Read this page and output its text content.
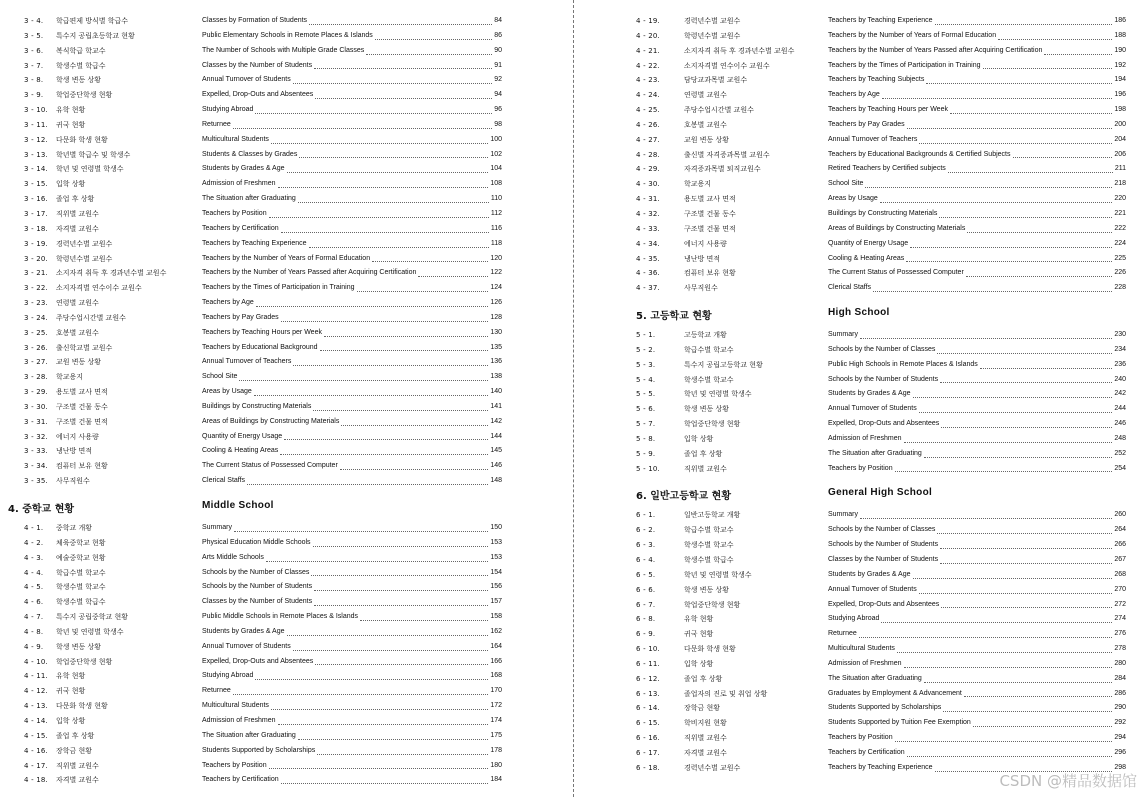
3 - 4. 학급편제 방식별 학급수	Classes by Formation of Students	84
3 - 5. 특수지 공립초등학교 현황	Public Elementary Schools in Remote Places & Islands	86
3 - 6. 복식학급 학교수	The Number of Schools with Multiple Grade Classes	90
3 - 7. 학생수별 학급수	Classes by the Number of Students	91
3 - 8. 학생 변동 상황	Annual Turnover of Students	92
3 - 9. 학업중단학생 현황	Expelled, Drop-Outs and Absentees	94
3 - 10. 유학 현황	Studying Abroad	96
3 - 11. 귀국 현황	Returnee	98
3 - 12. 다문화 학생 현황	Multicultural Students	100
3 - 13. 학년별 학급수 및 학생수	Students & Classes by Grades	102
3 - 14. 학년 및 연령별 학생수	Students by Grades & Age	104
3 - 15. 입학 상황	Admission of Freshmen	108
3 - 16. 졸업 후 상황	The Situation after Graduating	110
3 - 17. 직위별 교원수	Teachers by Position	112
3 - 18. 자격별 교원수	Teachers by Certification	116
3 - 19. 경력년수별 교원수	Teachers by Teaching Experience	118
3 - 20. 학령년수별 교원수	Teachers by the Number of Years of Formal Education	120
3 - 21. 소지자격 취득 후 경과년수별 교원수	Teachers by the Number of Years Passed after Acquiring Certification	122
3 - 22. 소지자격별 연수이수 교원수	Teachers by the Times of Participation in Training	124
3 - 23. 연령별 교원수	Teachers by Age	126
3 - 24. 주당수업시간별 교원수	Teachers by Pay Grades	128
3 - 25. 호봉별 교원수	Teachers by Teaching Hours per Week	130
3 - 26. 출신학교별 교원수	Teachers by Educational Background	135
3 - 27. 교원 변동 상황	Annual Turnover of Teachers	136
3 - 28. 학교용지	School Site	138
3 - 29. 용도별 교사 면적	Areas by Usage	140
3 - 30. 구조별 건물 동수	Buildings by Constructing Materials	141
3 - 31. 구조별 건물 면적	Areas of Buildings by Constructing Materials	142
3 - 32. 에너지 사용량	Quantity of Energy Usage	144
3 - 33. 냉난방 면적	Cooling & Heating Areas	145
3 - 34. 컴퓨터 보유 현황	The Current Status of Possessed Computer	146
3 - 35. 사무직원수	Clerical Staffs	148
4. 중학교 현황	Middle School
4 - 1. 중학교 개황	Summary	150
4 - 2. 체육중학교 현황	Physical Education Middle Schools	153
4 - 3. 예술중학교 현황	Arts Middle Schools	153
4 - 4. 학급수별 학교수	Schools by the Number of Classes	154
4 - 5. 학생수별 학교수	Schools by the Number of Students	156
4 - 6. 학생수별 학급수	Classes by the Number of Students	157
4 - 7. 특수지 공립중학교 현황	Public Middle Schools in Remote Places & Islands	158
4 - 8. 학년 및 연령별 학생수	Students by Grades & Age	162
4 - 9. 학생 변동 상황	Annual Turnover of Students	164
4 - 10. 학업중단학생 현황	Expelled, Drop-Outs and Absentees	166
4 - 11. 유학 현황	Studying Abroad	168
4 - 12. 귀국 현황	Returnee	170
4 - 13. 다문화 학생 현황	Multicultural Students	172
4 - 14. 입학 상황	Admission of Freshmen	174
4 - 15. 졸업 후 상황	The Situation after Graduating	175
4 - 16. 장학금 현황	Students Supported by Scholarships	178
4 - 17. 직위별 교원수	Teachers by Position	180
4 - 18. 자격별 교원수	Teachers by Certification	184
4 - 19.	경력년수별 교원수	Teachers by Teaching Experience	186
4 - 20.	학령년수별 교원수	Teachers by the Number of Years of Formal Education	188
4 - 21.	소지자격 취득 후 경과년수별 교원수	Teachers by the Number of Years Passed after Acquiring Certification	190
4 - 22.	소지자격별 연수이수 교원수	Teachers by the Times of Participation in Training	192
4 - 23.	담당교과목별 교원수	Teachers by Teaching Subjects	194
4 - 24.	연령별 교원수	Teachers by Age	196
4 - 25.	주당수업시간별 교원수	Teachers by Teaching Hours per Week	198
4 - 26.	호봉별 교원수	Teachers by Pay Grades	200
4 - 27.	교원 변동 상황	Annual Turnover of Teachers	204
4 - 28.	출신별 자격증과목별 교원수	Teachers by Educational Backgrounds & Certified Subjects	206
4 - 29.	자격증과목별 퇴직교원수	Retired Teachers by Certified subjects	211
4 - 30.	학교용지	School Site	218
4 - 31.	용도별 교사 면적	Areas by Usage	220
4 - 32.	구조별 건물 동수	Buildings by Constructing Materials	221
4 - 33.	구조별 건물 면적	Areas of Buildings by Constructing Materials	222
4 - 34.	에너지 사용량	Quantity of Energy Usage	224
4 - 35.	냉난방 면적	Cooling & Heating Areas	225
4 - 36.	컴퓨터 보유 현황	The Current Status of Possessed Computer	226
4 - 37.	사무직원수	Clerical Staffs	228
5. 고등학교 현황	High School
5 - 1.	고등학교 개황	Summary	230
5 - 2.	학급수별 학교수	Schools by the Number of Classes	234
5 - 3.	특수지 공립고등학교 현황	Public High Schools in Remote Places & Islands	236
5 - 4.	학생수별 학교수	Schools by the Number of Students	240
5 - 5.	학년 및 연령별 학생수	Students by Grades & Age	242
5 - 6.	학생 변동 상황	Annual Turnover of Students	244
5 - 7.	학업중단학생 현황	Expelled, Drop-Outs and Absentees	246
5 - 8.	입학 상황	Admission of Freshmen	248
5 - 9.	졸업 후 상황	The Situation after Graduating	252
5 - 10.	직위별 교원수	Teachers by Position	254
6. 일반고등학교 현황	General High School
6 - 1.	일반고등학교 개황	Summary	260
6 - 2.	학급수별 학교수	Schools by the Number of Classes	264
6 - 3.	학생수별 학교수	Schools by the Number of Students	266
6 - 4.	학생수별 학급수	Classes by the Number of Students	267
6 - 5.	학년 및 연령별 학생수	Students by Grades & Age	268
6 - 6.	학생 변동 상황	Annual Turnover of Students	270
6 - 7.	학업중단학생 현황	Expelled, Drop-Outs and Absentees	272
6 - 8.	유학 현황	Studying Abroad	274
6 - 9.	귀국 현황	Returnee	276
6 - 10.	다문화 학생 현황	Multicultural Students	278
6 - 11.	입학 상황	Admission of Freshmen	280
6 - 12.	졸업 후 상황	The Situation after Graduating	284
6 - 13.	졸업자의 진로 및 취업 상황	Graduates by Employment & Advancement	286
6 - 14.	장학금 현황	Students Supported by Scholarships	290
6 - 15.	학비지원 현황	Students Supported by Tuition Fee Exemption	292
6 - 16.	직위별 교원수	Teachers by Position	294
6 - 17.	자격별 교원수	Teachers by Certification	296
6 - 18.	경력년수별 교원수	Teachers by Teaching Experience	298
CSDN @精品数据馆
